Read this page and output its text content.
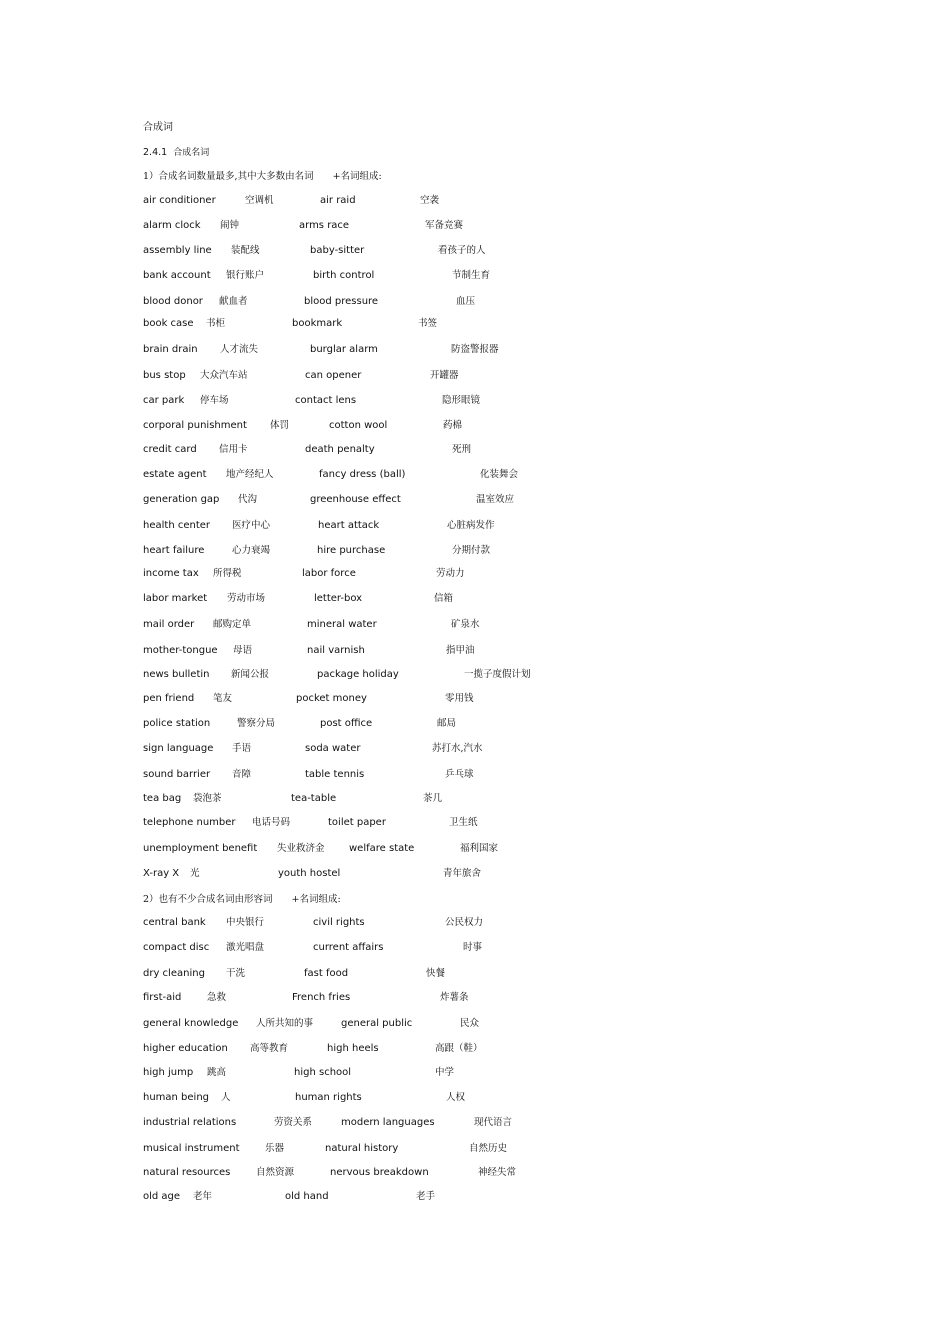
合成词
2.4.1 合成名词
1）合成名词数量最多,其中大多数由名词　　+名词组成:
air conditioner	空调机	air raid	空袭
alarm clock 闹钟	arms race	军备竞赛
assembly line 装配线	baby-sitter	看孩子的人
bank account 银行账户	birth control	节制生育
blood donor 献血者	blood pressure	血压
book case 书柜	bookmark	书签
brain drain 人才流失	burglar alarm	防盗警报器
bus stop 大众汽车站	can opener	开罐器
car park 停车场	contact lens	隐形眼镜
corporal punishment 体罚	cotton wool	药棉
credit card 信用卡	death penalty	死刑
estate agent 地产经纪人	fancy dress (ball)	化装舞会
generation gap 代沟	greenhouse effect	温室效应
health center 医疗中心	heart attack	心脏病发作
heart failure	心力衰竭	hire purchase	分期付款
income tax 所得税	labor force	劳动力
labor market 劳动市场	letter-box	信箱
mail order 邮购定单	mineral water	矿泉水
mother-tongue 母语	nail varnish	指甲油
news bulletin 新闻公报	package holiday	一揽子度假计划
pen friend 笔友	pocket money	零用钱
police station	警察分局	post office	邮局
sign language 手语	soda water	苏打水,汽水
sound barrier 音障	table tennis	乒乓球
tea bag 袋泡茶	tea-table	茶几
telephone number 电话号码	toilet paper	卫生纸
unemployment benefit 失业救济金 welfare state	福利国家
X-ray X 光	youth hostel	青年旅舍
2）也有不少合成名词由形容词　　+名词组成:
central bank 中央银行	civil rights	公民权力
compact disc 激光唱盘	current affairs	时事
dry cleaning 干洗	fast food	快餐
first-aid	急救	French fries	炸薯条
general knowledge 人所共知的事	general public	民众
higher education 高等教育	high heels	高跟（鞋）
high jump 跳高	high school	中学
human being 人	human rights	人权
industrial relations	劳资关系	modern languages	现代语言
musical instrument	乐器	natural history	自然历史
natural resources	自然资源	nervous breakdown	神经失常
old age 老年	old hand	老手
